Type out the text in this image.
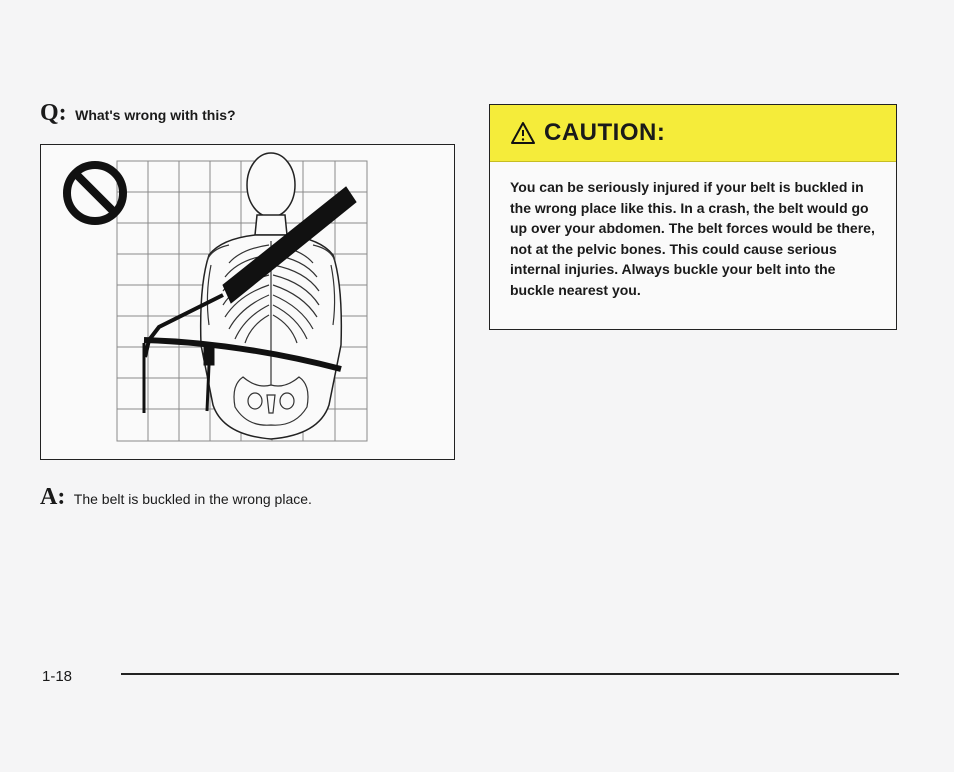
Q: What's wrong with this?
A: The belt is buckled in the wrong place.
CAUTION:
You can be seriously injured if your belt is buckled in the wrong place like this. In a crash, the belt would go up over your abdomen. The belt forces would be there, not at the pelvic bones. This could cause serious internal injuries. Always buckle your belt into the buckle nearest you.
1-18
